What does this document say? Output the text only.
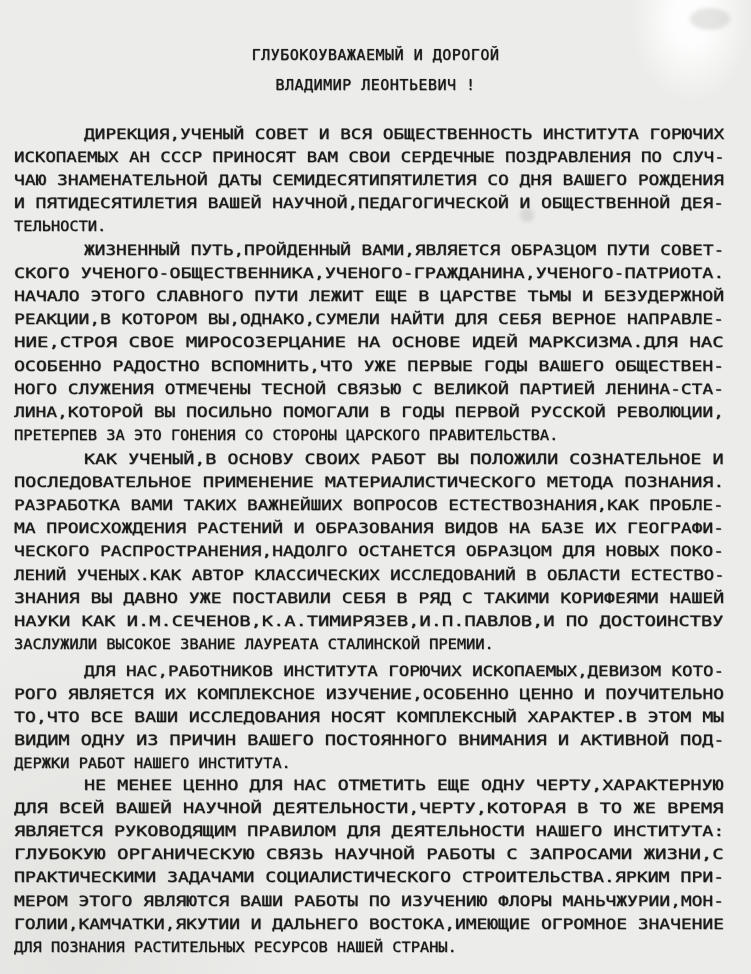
ГЛУБОКОУВАЖАЕМЫЙ И ДОРОГОЙ

ВЛАДИМИР ЛЕОНТЬЕВИЧ !

ДИРЕКЦИЯ,УЧЕНЫЙ СОВЕТ И ВСЯ ОБЩЕСТВЕННОСТЬ ИНСТИТУТА ГОРЮЧИХ

ИСКОПАЕМЫХ АН СССР ПРИНОСЯТ ВАМ СВОИ СЕРДЕЧНЫЕ ПОЗДРАВЛЕНИЯ ПО СЛУЧ-

ЧАЮ ЗНАМЕНАТЕЛЬНОЙ ДАТЫ СЕМИДЕСЯТИПЯТИЛЕТИЯ СО ДНЯ ВАШЕГО РОЖДЕНИЯ

И ПЯТИДЕСЯТИЛЕТИЯ ВАШЕЙ НАУЧНОЙ,ПЕДАГОГИЧЕСКОЙ И ОБЩЕСТВЕННОЙ ДЕЯ-

ТЕЛЬНОСТИ.

ЖИЗНЕННЫЙ ПУТЬ,ПРОЙДЕННЫЙ ВАМИ,ЯВЛЯЕТСЯ ОБРАЗЦОМ ПУТИ СОВЕТ-

СКОГО УЧЕНОГО-ОБЩЕСТВЕННИКА,УЧЕНОГО-ГРАЖДАНИНА,УЧЕНОГО-ПАТРИОТА.

НАЧАЛО ЭТОГО СЛАВНОГО ПУТИ ЛЕЖИТ ЕЩЕ В ЦАРСТВЕ ТЬМЫ И БЕЗУДЕРЖНОЙ

РЕАКЦИИ,В КОТОРОМ ВЫ,ОДНАКО,СУМЕЛИ НАЙТИ ДЛЯ СЕБЯ ВЕРНОЕ НАПРАВЛЕ-

НИЕ,СТРОЯ СВОЕ МИРОСОЗЕРЦАНИЕ НА ОСНОВЕ ИДЕЙ МАРКСИЗМА.ДЛЯ НАС

ОСОБЕННО РАДОСТНО ВСПОМНИТЬ,ЧТО УЖЕ ПЕРВЫЕ ГОДЫ ВАШЕГО ОБЩЕСТВЕН-

НОГО СЛУЖЕНИЯ ОТМЕЧЕНЫ ТЕСНОЙ СВЯЗЬЮ С ВЕЛИКОЙ ПАРТИЕЙ ЛЕНИНА-СТА-

ЛИНА,КОТОРОЙ ВЫ ПОСИЛЬНО ПОМОГАЛИ В ГОДЫ ПЕРВОЙ РУССКОЙ РЕВОЛЮЦИИ,

ПРЕТЕРПЕВ ЗА ЭТО ГОНЕНИЯ СО СТОРОНЫ ЦАРСКОГО ПРАВИТЕЛЬСТВА.

КАК УЧЕНЫЙ,В ОСНОВУ СВОИХ РАБОТ ВЫ ПОЛОЖИЛИ СОЗНАТЕЛЬНОЕ И

ПОСЛЕДОВАТЕЛЬНОЕ ПРИМЕНЕНИЕ МАТЕРИАЛИСТИЧЕСКОГО МЕТОДА ПОЗНАНИЯ.

РАЗРАБОТКА ВАМИ ТАКИХ ВАЖНЕЙШИХ ВОПРОСОВ ЕСТЕСТВОЗНАНИЯ,КАК ПРОБЛЕ-

МА ПРОИСХОЖДЕНИЯ РАСТЕНИЙ И ОБРАЗОВАНИЯ ВИДОВ НА БАЗЕ ИХ ГЕОГРАФИ-

ЧЕСКОГО РАСПРОСТРАНЕНИЯ,НАДОЛГО ОСТАНЕТСЯ ОБРАЗЦОМ ДЛЯ НОВЫХ ПОКО-

ЛЕНИЙ УЧЕНЫХ.КАК АВТОР КЛАССИЧЕСКИХ ИССЛЕДОВАНИЙ В ОБЛАСТИ ЕСТЕСТВО-

ЗНАНИЯ ВЫ ДАВНО УЖЕ ПОСТАВИЛИ СЕБЯ В РЯД С ТАКИМИ КОРИФЕЯМИ НАШЕЙ

НАУКИ КАК И.М.СЕЧЕНОВ,К.А.ТИМИРЯЗЕВ,И.П.ПАВЛОВ,И ПО ДОСТОИНСТВУ

ЗАСЛУЖИЛИ ВЫСОКОЕ ЗВАНИЕ ЛАУРЕАТА СТАЛИНСКОЙ ПРЕМИИ.

ДЛЯ НАС,РАБОТНИКОВ ИНСТИТУТА ГОРЮЧИХ ИСКОПАЕМЫХ,ДЕВИЗОМ КОТО-

РОГО ЯВЛЯЕТСЯ ИХ КОМПЛЕКСНОЕ ИЗУЧЕНИЕ,ОСОБЕННО ЦЕННО И ПОУЧИТЕЛЬНО

ТО,ЧТО ВСЕ ВАШИ ИССЛЕДОВАНИЯ НОСЯТ КОМПЛЕКСНЫЙ ХАРАКТЕР.В ЭТОМ МЫ

ВИДИМ ОДНУ ИЗ ПРИЧИН ВАШЕГО ПОСТОЯННОГО ВНИМАНИЯ И АКТИВНОЙ ПОД-

ДЕРЖКИ РАБОТ НАШЕГО ИНСТИТУТА.

НЕ МЕНЕЕ ЦЕННО ДЛЯ НАС ОТМЕТИТЬ ЕЩЕ ОДНУ ЧЕРТУ,ХАРАКТЕРНУЮ

ДЛЯ ВСЕЙ ВАШЕЙ НАУЧНОЙ ДЕЯТЕЛЬНОСТИ,ЧЕРТУ,КОТОРАЯ В ТО ЖЕ ВРЕМЯ

ЯВЛЯЕТСЯ РУКОВОДЯЩИМ ПРАВИЛОМ ДЛЯ ДЕЯТЕЛЬНОСТИ НАШЕГО ИНСТИТУТА:

ГЛУБОКУЮ ОРГАНИЧЕСКУЮ СВЯЗЬ НАУЧНОЙ РАБОТЫ С ЗАПРОСАМИ ЖИЗНИ,С

ПРАКТИЧЕСКИМИ ЗАДАЧАМИ СОЦИАЛИСТИЧЕСКОГО СТРОИТЕЛЬСТВА.ЯРКИМ ПРИ-

МЕРОМ ЭТОГО ЯВЛЯЮТСЯ ВАШИ РАБОТЫ ПО ИЗУЧЕНИЮ ФЛОРЫ МАНЬЧЖУРИИ,МОН-

ГОЛИИ,КАМЧАТКИ,ЯКУТИИ И ДАЛЬНЕГО ВОСТОКА,ИМЕЮЩИЕ ОГРОМНОЕ ЗНАЧЕНИЕ

ДЛЯ ПОЗНАНИЯ РАСТИТЕЛЬНЫХ РЕСУРСОВ НАШЕЙ СТРАНЫ.
